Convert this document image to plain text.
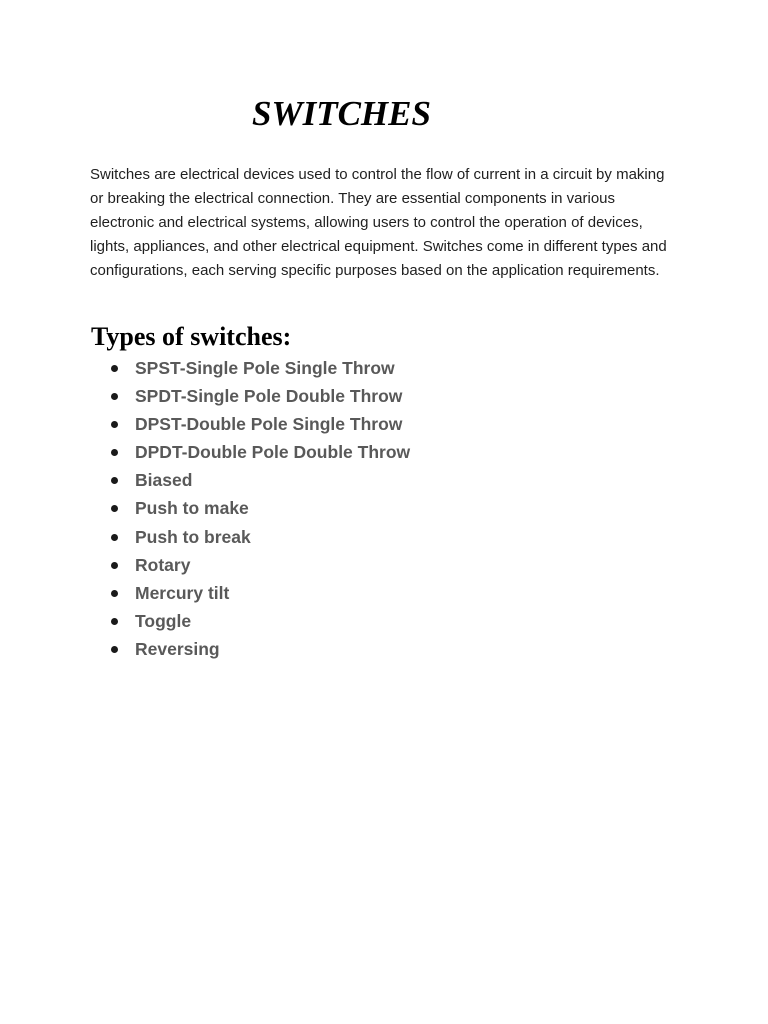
SWITCHES

Switches are electrical devices used to control the flow of current in a circuit by making or breaking the electrical connection. They are essential components in various electronic and electrical systems, allowing users to control the operation of devices, lights, appliances, and other electrical equipment. Switches come in different types and configurations, each serving specific purposes based on the application requirements.

Types of switches:
SPST-Single Pole Single Throw
SPDT-Single Pole Double Throw
DPST-Double Pole Single Throw
DPDT-Double Pole Double Throw
Biased
Push to make
Push to break
Rotary
Mercury tilt
Toggle
Reversing
